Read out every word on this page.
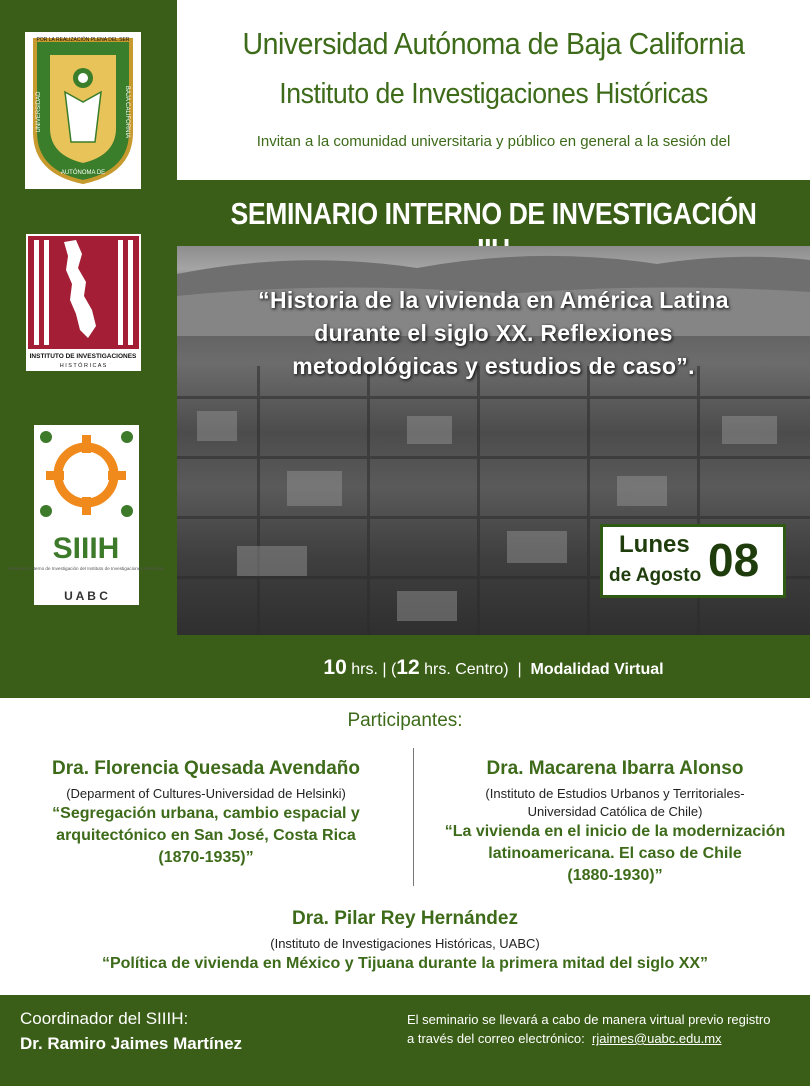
POR LA REALIZACIÓN PLENA DEL SER
UNIVERSIDAD	BAJA CALIFORNIA
AUTÓNOMA DE
INSTITUTO DE INVESTIGACIONES
H I S T Ó R I C A S
SIIIH
Seminario Interno de Investigación del Instituto de Investigaciones Históricas
U A B C
Universidad Autónoma de Baja California
Instituto de Investigaciones Históricas
Invitan a la comunidad universitaria y público en general a la sesión del
SEMINARIO INTERNO DE INVESTIGACIÓN
“Historia de la vivienda en América Latina
durante el siglo XX. Reflexiones
metodológicas y estudios de caso”.
Lunes
de Agosto 08
10 hrs. | (12 hrs. Centro) | Modalidad Virtual
Participantes:
Dra. Florencia Quesada Avendaño
(Deparment of Cultures-Universidad de Helsinki)
“Segregación urbana, cambio espacial y
arquitectónico en San José, Costa Rica
(1870-1935)”
Dra. Macarena Ibarra Alonso
(Instituto de Estudios Urbanos y Territoriales-
Universidad Católica de Chile)
“La vivienda en el inicio de la modernización
latinoamericana. El caso de Chile
(1880-1930)”
Dra. Pilar Rey Hernández
(Instituto de Investigaciones Históricas, UABC)
“Política de vivienda en México y Tijuana durante la primera mitad del siglo XX”
Coordinador del SIIIH:
Dr. Ramiro Jaimes Martínez
El seminario se llevará a cabo de manera virtual previo registro
a través del correo electrónico: rjaimes@uabc.edu.mx
